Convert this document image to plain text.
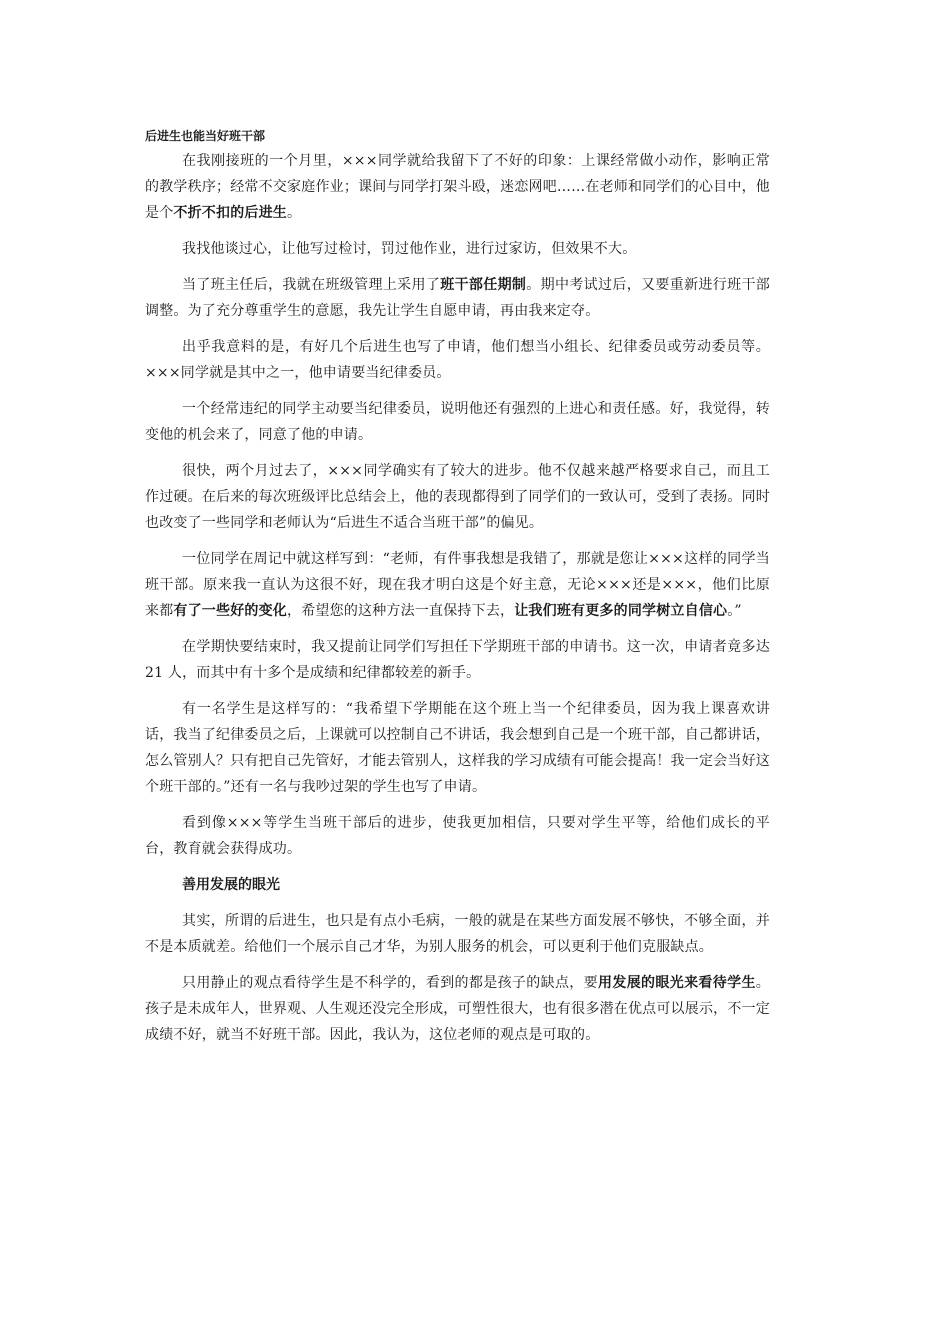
后进生也能当好班干部

在我刚接班的一个月里，×××同学就给我留下了不好的印象：上课经常做小动作，影响正常的教学秩序；经常不交家庭作业；课间与同学打架斗殴，迷恋网吧……在老师和同学们的心目中，他是个不折不扣的后进生。

我找他谈过心，让他写过检讨，罚过他作业，进行过家访，但效果不大。

当了班主任后，我就在班级管理上采用了班干部任期制。期中考试过后，又要重新进行班干部调整。为了充分尊重学生的意愿，我先让学生自愿申请，再由我来定夺。

出乎我意料的是，有好几个后进生也写了申请，他们想当小组长、纪律委员或劳动委员等。×××同学就是其中之一，他申请要当纪律委员。

一个经常违纪的同学主动要当纪律委员，说明他还有强烈的上进心和责任感。好，我觉得，转变他的机会来了，同意了他的申请。

很快，两个月过去了，×××同学确实有了较大的进步。他不仅越来越严格要求自己，而且工作过硬。在后来的每次班级评比总结会上，他的表现都得到了同学们的一致认可，受到了表扬。同时也改变了一些同学和老师认为“后进生不适合当班干部”的偏见。

一位同学在周记中就这样写到：“老师，有件事我想是我错了，那就是您让×××这样的同学当班干部。原来我一直认为这很不好，现在我才明白这是个好主意，无论×××还是×××，他们比原来都有了一些好的变化，希望您的这种方法一直保持下去，让我们班有更多的同学树立自信心。”

在学期快要结束时，我又提前让同学们写担任下学期班干部的申请书。这一次，申请者竟多达 21 人，而其中有十多个是成绩和纪律都较差的新手。

有一名学生是这样写的：“我希望下学期能在这个班上当一个纪律委员，因为我上课喜欢讲话，我当了纪律委员之后，上课就可以控制自己不讲话，我会想到自己是一个班干部，自己都讲话，怎么管别人？只有把自己先管好，才能去管别人，这样我的学习成绩有可能会提高！我一定会当好这个班干部的。”还有一名与我吵过架的学生也写了申请。

看到像×××等学生当班干部后的进步，使我更加相信，只要对学生平等，给他们成长的平台，教育就会获得成功。

善用发展的眼光

其实，所谓的后进生，也只是有点小毛病，一般的就是在某些方面发展不够快，不够全面，并不是本质就差。给他们一个展示自己才华，为别人服务的机会，可以更利于他们克服缺点。

只用静止的观点看待学生是不科学的，看到的都是孩子的缺点，要用发展的眼光来看待学生。孩子是未成年人，世界观、人生观还没完全形成，可塑性很大，也有很多潜在优点可以展示，不一定成绩不好，就当不好班干部。因此，我认为，这位老师的观点是可取的。
